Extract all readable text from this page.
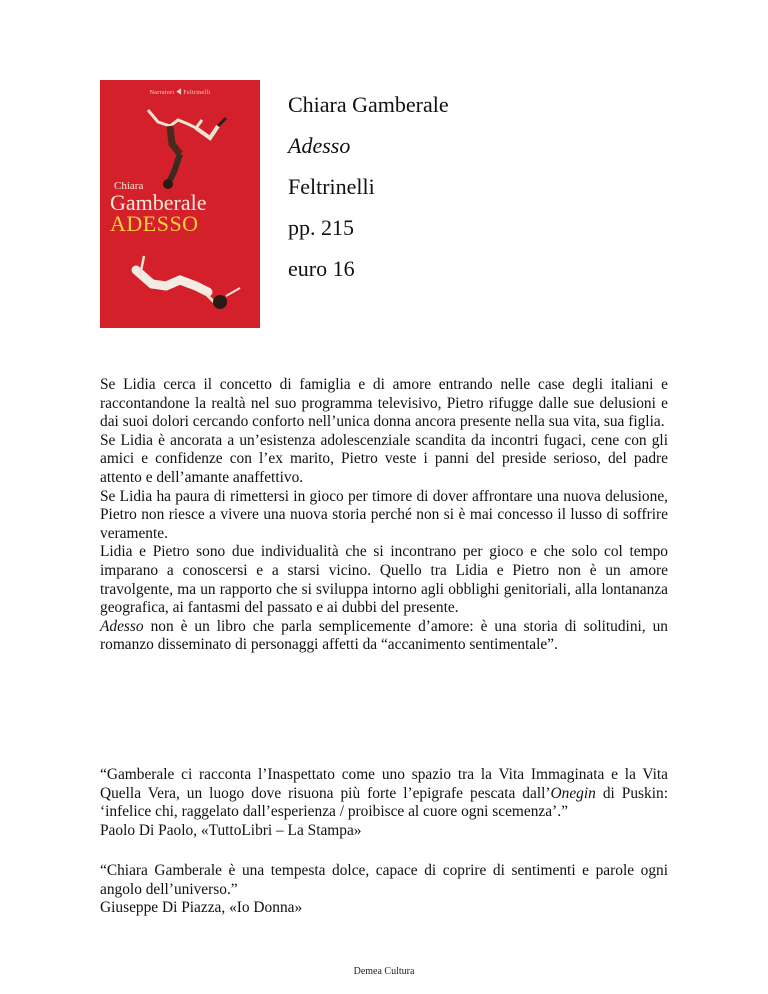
Narratori Feltrinelli
Chiara
Gamberale
ADESSO
Chiara Gamberale
Adesso
Feltrinelli
pp. 215
euro 16

Se Lidia cerca il concetto di famiglia e di amore entrando nelle case degli italiani e raccontandone la realtà nel suo programma televisivo, Pietro rifugge dalle sue delusioni e dai suoi dolori cercando conforto nell’unica donna ancora presente nella sua vita, sua figlia.

Se Lidia è ancorata a un’esistenza adolescenziale scandita da incontri fugaci, cene con gli amici e confidenze con l’ex marito, Pietro veste i panni del preside serioso, del padre attento e dell’amante anaffettivo.

Se Lidia ha paura di rimettersi in gioco per timore di dover affrontare una nuova delusione, Pietro non riesce a vivere una nuova storia perché non si è mai concesso il lusso di soffrire veramente.

Lidia e Pietro sono due individualità che si incontrano per gioco e che solo col tempo imparano a conoscersi e a starsi vicino. Quello tra Lidia e Pietro non è un amore travolgente, ma un rapporto che si sviluppa intorno agli obblighi genitoriali, alla lontananza geografica, ai fantasmi del passato e ai dubbi del presente.

Adesso non è un libro che parla semplicemente d’amore: è una storia di solitudini, un romanzo disseminato di personaggi affetti da “accanimento sentimentale”.

“Gamberale ci racconta l’Inaspettato come uno spazio tra la Vita Immaginata e la Vita Quella Vera, un luogo dove risuona più forte l’epigrafe pescata dall’Onegin di Puskin: ‘infelice chi, raggelato dall’esperienza / proibisce al cuore ogni scemenza’.”

Paolo Di Paolo, «TuttoLibri – La Stampa»

“Chiara Gamberale è una tempesta dolce, capace di coprire di sentimenti e parole ogni angolo dell’universo.”

Giuseppe Di Piazza, «Io Donna»

Demea Cultura
